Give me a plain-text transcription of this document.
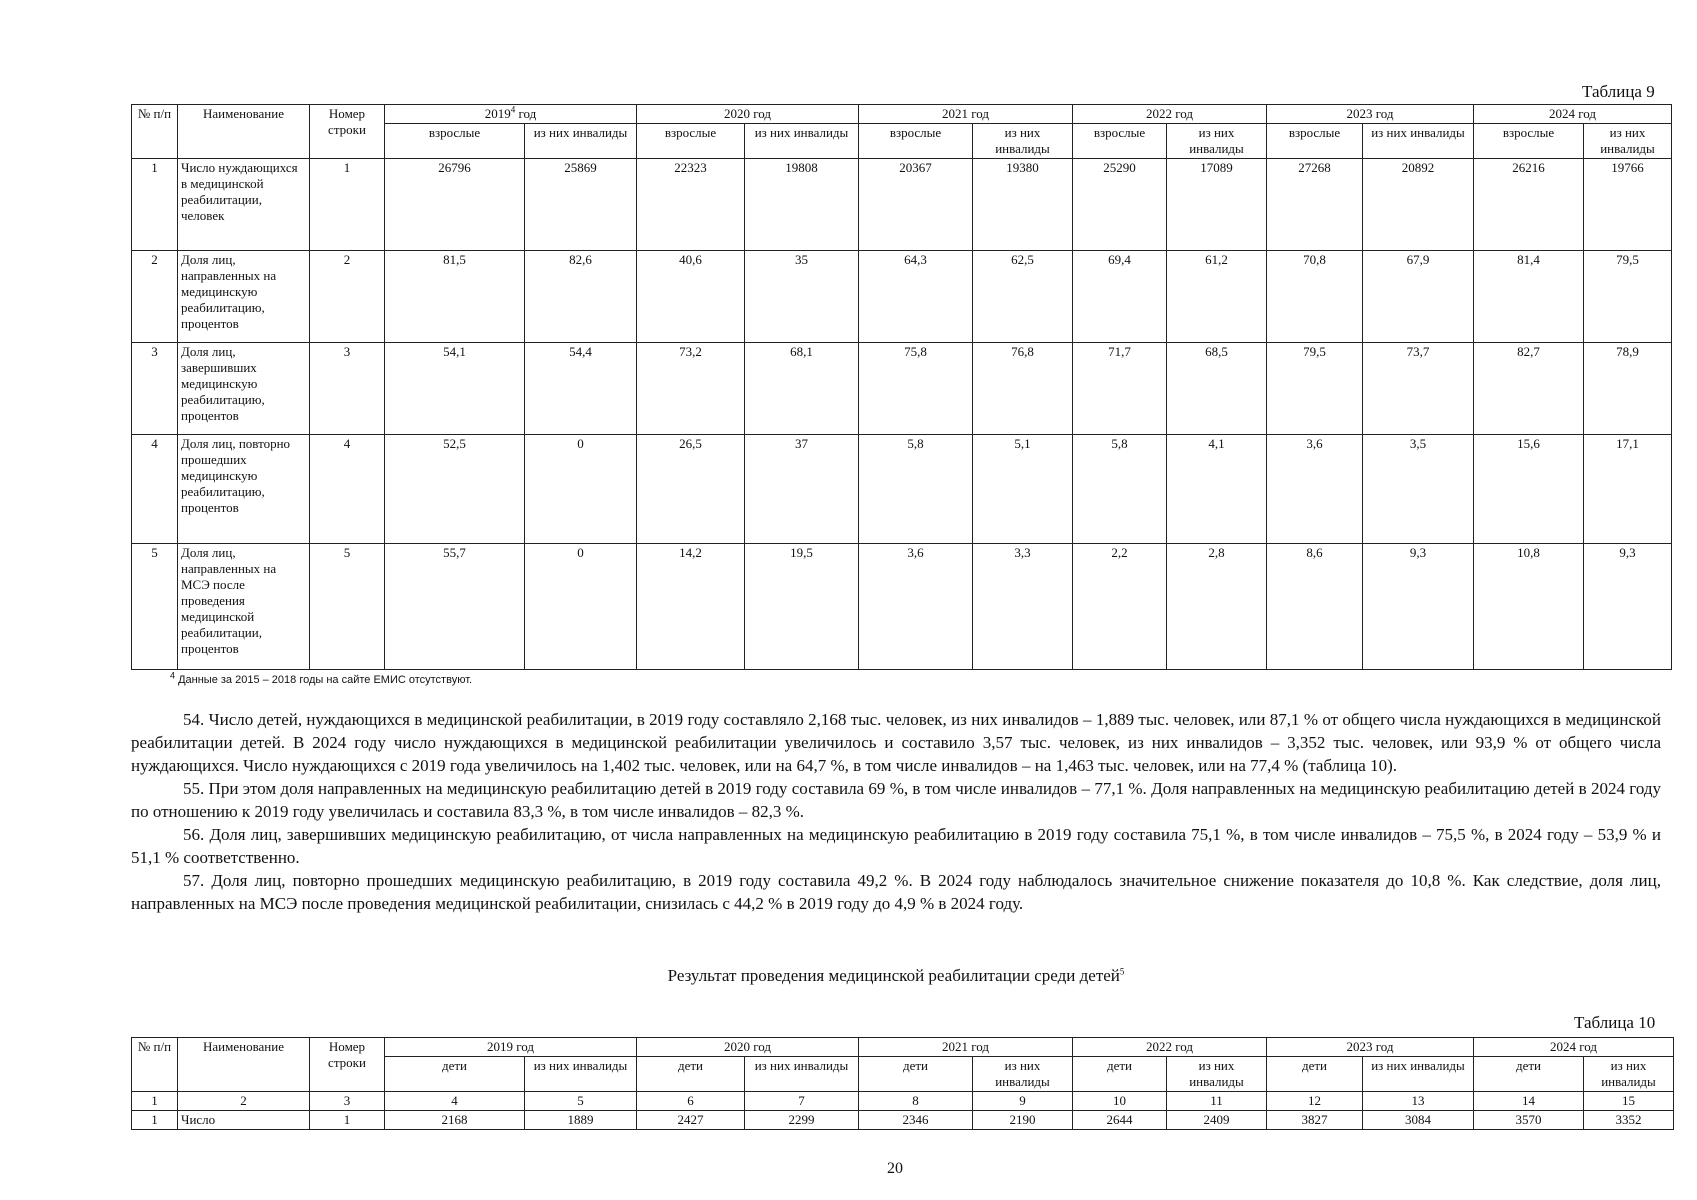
Таблица 9
№ п/п	Наименование	Номер строки	2019$^4$ год		2020 год		2021 год		2022 год		2023 год		2024 год	
			взрослые	из них инвалиды	взрослые	из них инвалиды	взрослые	из них инвалиды	взрослые	из них инвалиды	взрослые	из них инвалиды	взрослые	из них инвалиды
1	Число нуждающихся в медицинской реабилитации, человек	1	26796	25869	22323	19808	20367	19380	25290	17089	27268	20892	26216	19766
2	Доля лиц, направленных на медицинскую реабилитацию, процентов	2	81,5	82,6	40,6	35	64,3	62,5	69,4	61,2	70,8	67,9	81,4	79,5
3	Доля лиц, завершивших медицинскую реабилитацию, процентов	3	54,1	54,4	73,2	68,1	75,8	76,8	71,7	68,5	79,5	73,7	82,7	78,9
4	Доля лиц, повторно прошедших медицинскую реабилитацию, процентов	4	52,5	0	26,5	37	5,8	5,1	5,8	4,1	3,6	3,5	15,6	17,1
5	Доля лиц, направленных на МСЭ после проведения медицинской реабилитации, процентов	5	55,7	0	14,2	19,5	3,6	3,3	2,2	2,8	8,6	9,3	10,8	9,3
$^4$ Данные за 2015 – 2018 годы на сайте ЕМИС отсутствуют.

54. Число детей, нуждающихся в медицинской реабилитации, в 2019 году составляло 2,168 тыс. человек, из них инвалидов – 1,889 тыс. человек, или 87,1 % от общего числа нуждающихся в медицинской реабилитации детей. В 2024 году число нуждающихся в медицинской реабилитации увеличилось и составило 3,57 тыс. человек, из них инвалидов – 3,352 тыс. человек, или 93,9 % от общего числа нуждающихся. Число нуждающихся с 2019 года увеличилось на 1,402 тыс. человек, или на 64,7 %, в том числе инвалидов – на 1,463 тыс. человек, или на 77,4 % (таблица 10).

55. При этом доля направленных на медицинскую реабилитацию детей в 2019 году составила 69 %, в том числе инвалидов – 77,1 %. Доля направленных на медицинскую реабилитацию детей в 2024 году по отношению к 2019 году увеличилась и составила 83,3 %, в том числе инвалидов – 82,3 %.

56. Доля лиц, завершивших медицинскую реабилитацию, от числа направленных на медицинскую реабилитацию в 2019 году составила 75,1 %, в том числе инвалидов – 75,5 %, в 2024 году – 53,9 % и 51,1 % соответственно.

57. Доля лиц, повторно прошедших медицинскую реабилитацию, в 2019 году составила 49,2 %. В 2024 году наблюдалось значительное снижение показателя до 10,8 %. Как следствие, доля лиц, направленных на МСЭ после проведения медицинской реабилитации, снизилась с 44,2 % в 2019 году до 4,9 % в 2024 году.

Результат проведения медицинской реабилитации среди детей$^5$
Таблица 10
№ п/п	Наименование	Номер строки	2019 год		2020 год		2021 год		2022 год		2023 год		2024 год	
			дети	из них инвалиды	дети	из них инвалиды	дети	из них инвалиды	дети	из них инвалиды	дети	из них инвалиды	дети	из них инвалиды
1	2	3	4	5	6	7	8	9	10	11	12	13	14	15
1	Число	1	2168	1889	2427	2299	2346	2190	2644	2409	3827	3084	3570	3352
20
